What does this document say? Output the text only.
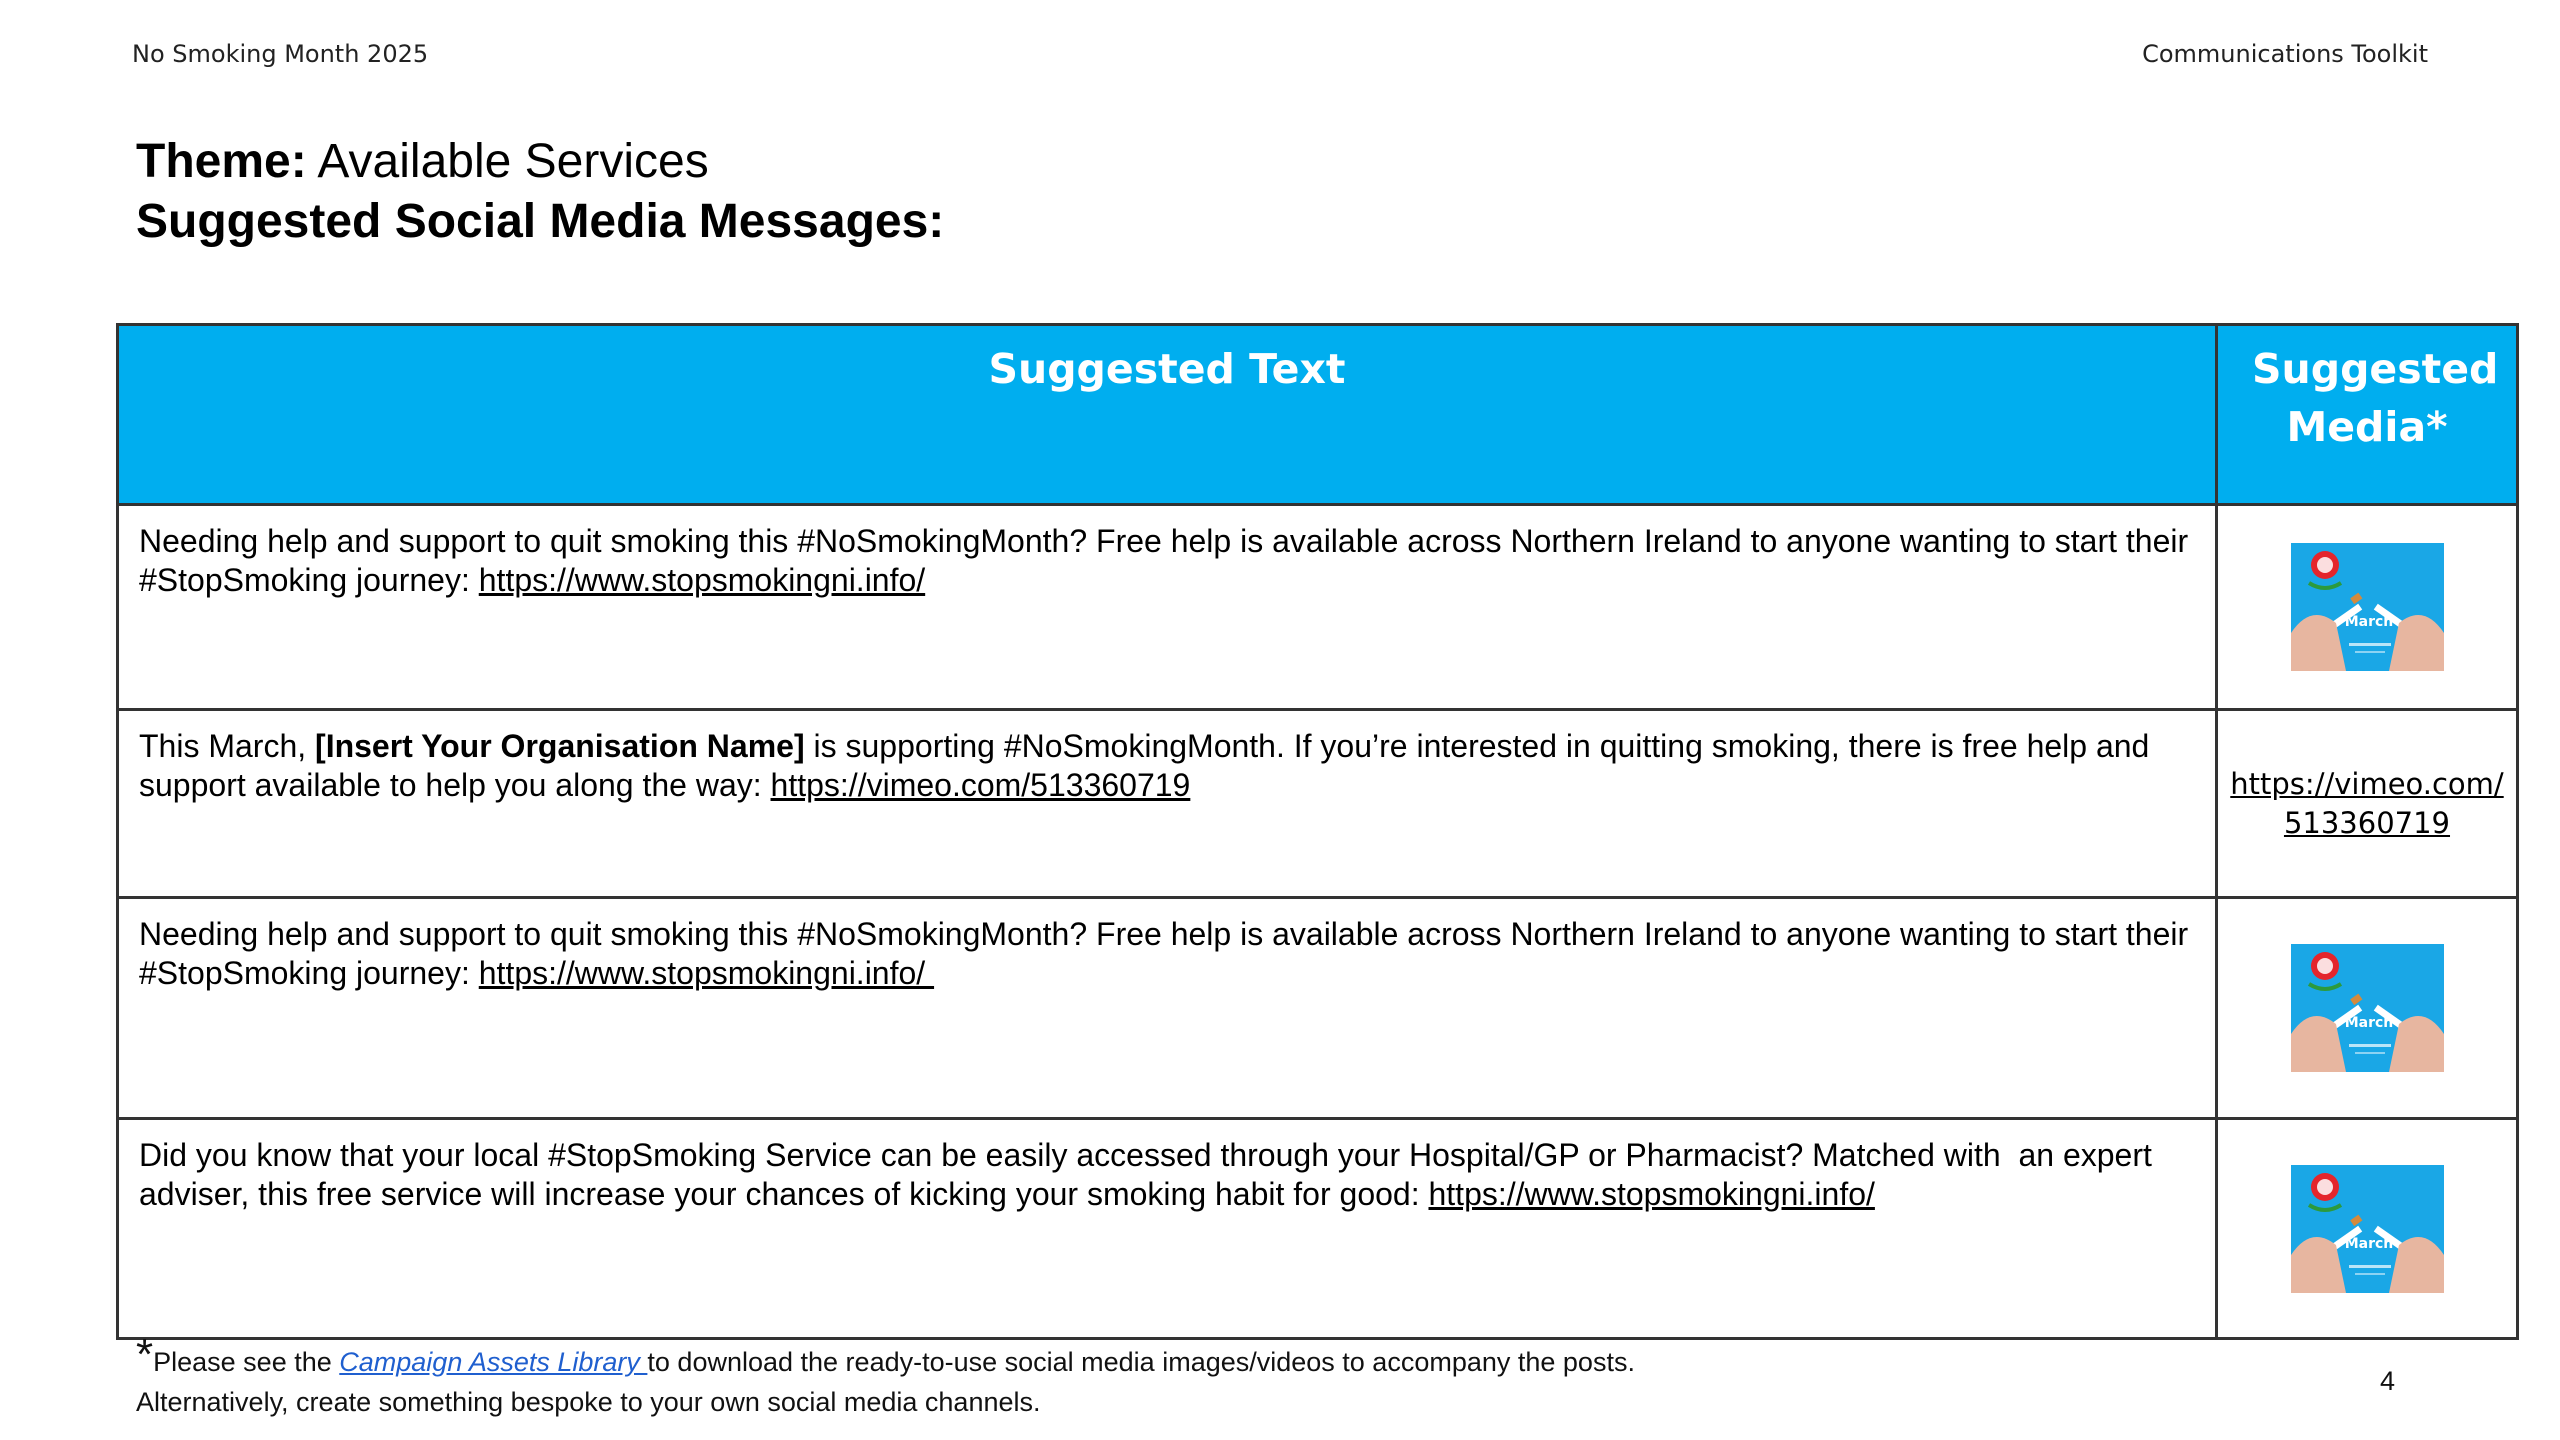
No Smoking Month 2025	Communications Toolkit
Theme: Available Services
Suggested Social Media Messages:
Suggested Text	Suggested Media*
Needing help and support to quit smoking this #NoSmokingMonth? Free help is available across Northern Ireland to anyone wanting to start their #StopSmoking journey: https://www.stopsmokingni.info/	March

This March, [Insert Your Organisation Name] is supporting #NoSmokingMonth. If you’re interested in quitting smoking, there is free help and support available to help you along the way: https://vimeo.com/513360719	https://vimeo.com/
513360719
Needing help and support to quit smoking this #NoSmokingMonth? Free help is available across Northern Ireland to anyone wanting to start their #StopSmoking journey: https://www.stopsmokingni.info/	March

Did you know that your local #StopSmoking Service can be easily accessed through your Hospital/GP or Pharmacist? Matched with  an expert adviser, this free service will increase your chances of kicking your smoking habit for good: https://www.stopsmokingni.info/	March
*Please see the Campaign Assets Library to download the ready-to-use social media images/videos to accompany the posts.
Alternatively, create something bespoke to your own social media channels.
4
